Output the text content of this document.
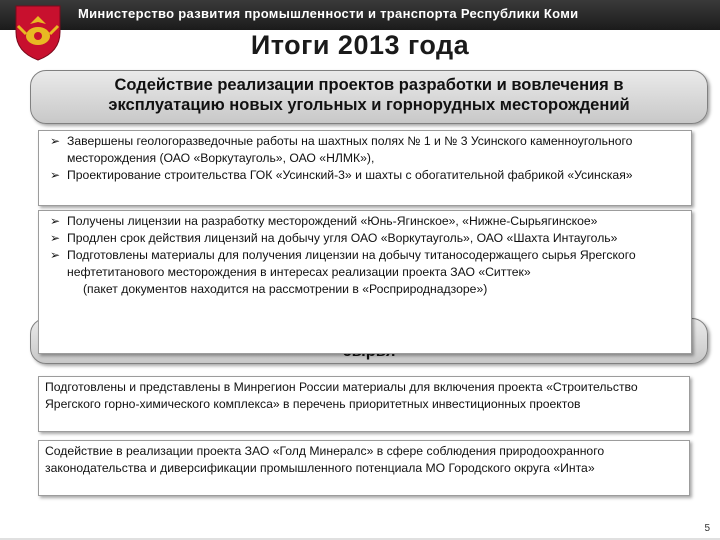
Министерство развития промышленности и транспорта Республики Коми
Итоги 2013 года
Содействие реализации проектов разработки и вовлечения в
эксплуатацию новых угольных и горнорудных месторождений
➢ Завершены геологоразведочные работы на шахтных полях № 1 и № 3 Усинского каменноугольного месторождения (ОАО «Воркутауголь», ОАО «НЛМК»),
➢ Проектирование строительства ГОК «Усинский-3» и шахты с обогатительной фабрикой «Усинская»
➢ Получены лицензии на разработку месторождений «Юнь-Ягинское», «Нижне-Сырьягинское»
➢ Продлен срок действия лицензий на добычу угля ОАО «Воркутауголь», ОАО «Шахта Интауголь»
➢ Подготовлены материалы для получения лицензии на добычу титаносодержащего сырья Ярегского нефтетитанового месторождения в интересах реализации проекта ЗАО «Ситтек»
(пакет документов находится на рассмотрении в «Росприроднадзоре»)
Подготовлены и представлены в Минрегион России материалы для включения проекта «Строительство Ярегского горно-химического комплекса» в перечень приоритетных инвестиционных проектов
Содействие в реализации проекта ЗАО «Голд Минералс» в сфере соблюдения природоохранного законодательства и диверсификации промышленного потенциала МО Городского округа «Инта»
5
